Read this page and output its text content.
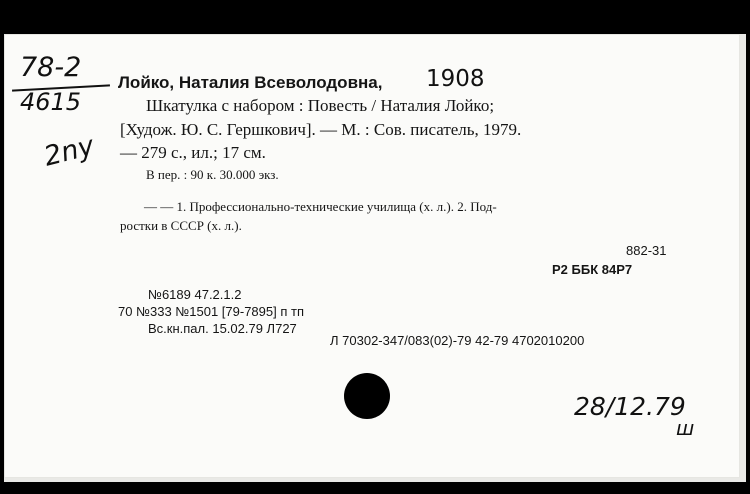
78-2
4615
2ny
Лойко, Наталия Всеволодовна, 1908
Шкатулка с набором : Повесть / Наталия Лойко;
[Худож. Ю. С. Гершкович]. — М. : Сов. писатель, 1979.
— 279 с., ил.; 17 см.
В пер. : 90 к. 30.000 экз.
— — 1. Профессионально-технические училища (х. л.). 2. Под-
ростки в СССР (х. л.).
882-31
Р2 ББК 84Р7
№6189 47.2.1.2
70 №333 №1501 [79-7895] п тп
Вс.кн.пал. 15.02.79 Л727
Л 70302-347/083(02)-79 42-79 4702010200
28/12.79
ш
